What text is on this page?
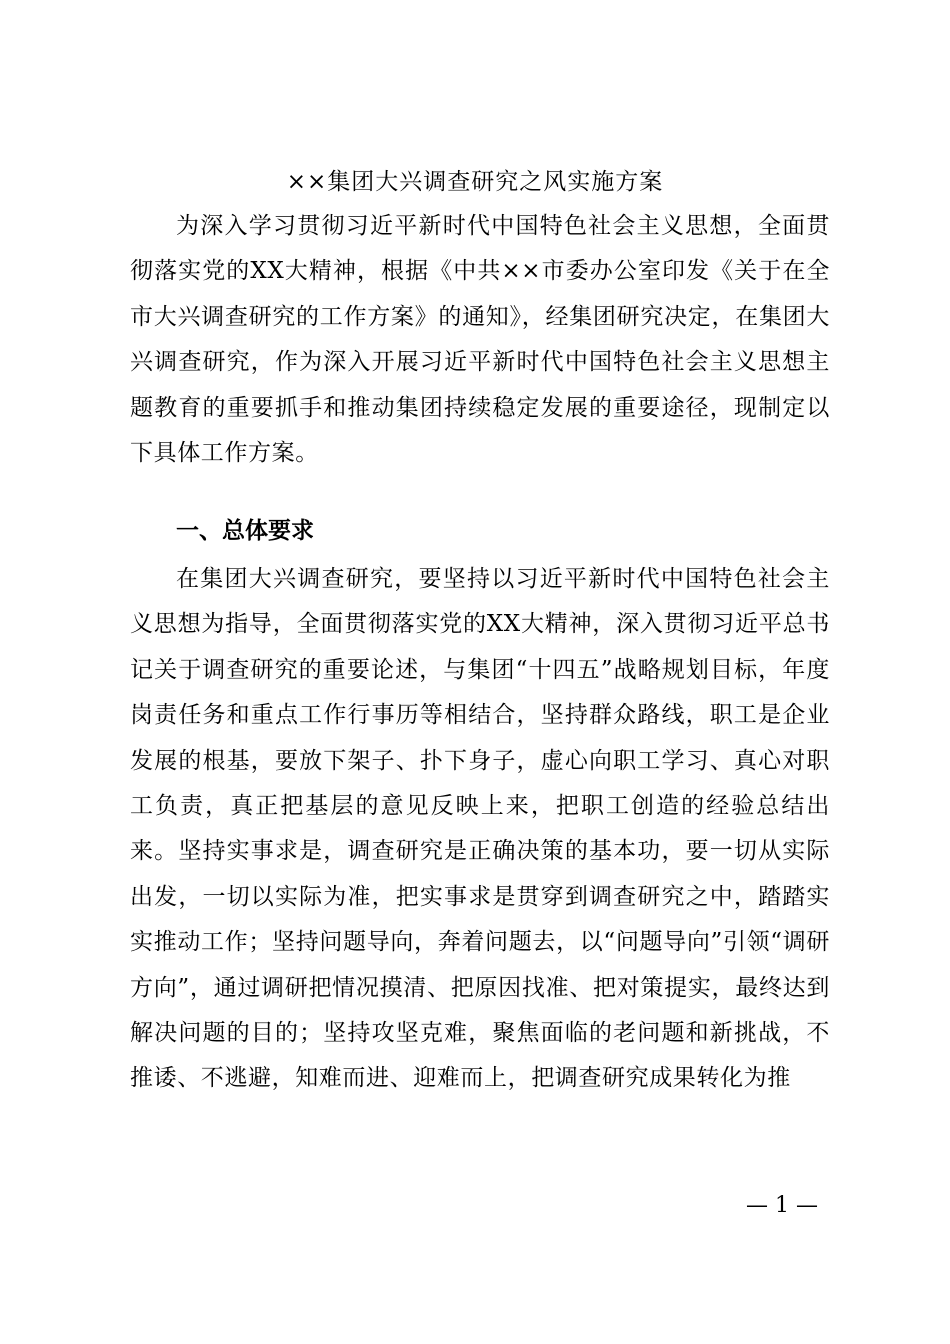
××集团大兴调查研究之风实施方案

为深入学习贯彻习近平新时代中国特色社会主义思想，全面贯彻落实党的XX大精神，根据《中共××市委办公室印发《关于在全市大兴调查研究的工作方案》的通知》，经集团研究决定，在集团大兴调查研究，作为深入开展习近平新时代中国特色社会主义思想主题教育的重要抓手和推动集团持续稳定发展的重要途径，现制定以下具体工作方案。

一、总体要求

在集团大兴调查研究，要坚持以习近平新时代中国特色社会主义思想为指导，全面贯彻落实党的XX大精神，深入贯彻习近平总书记关于调查研究的重要论述，与集团“十四五”战略规划目标，年度岗责任务和重点工作行事历等相结合，坚持群众路线，职工是企业发展的根基，要放下架子、扑下身子，虚心向职工学习、真心对职工负责，真正把基层的意见反映上来，把职工创造的经验总结出来。坚持实事求是，调查研究是正确决策的基本功，要一切从实际出发，一切以实际为准，把实事求是贯穿到调查研究之中，踏踏实实推动工作；坚持问题导向，奔着问题去，以“问题导向”引领“调研方向”，通过调研把情况摸清、把原因找准、把对策提实，最终达到解决问题的目的；坚持攻坚克难，聚焦面临的老问题和新挑战，不推诿、不逃避，知难而进、迎难而上，把调查研究成果转化为推

— 1 —
